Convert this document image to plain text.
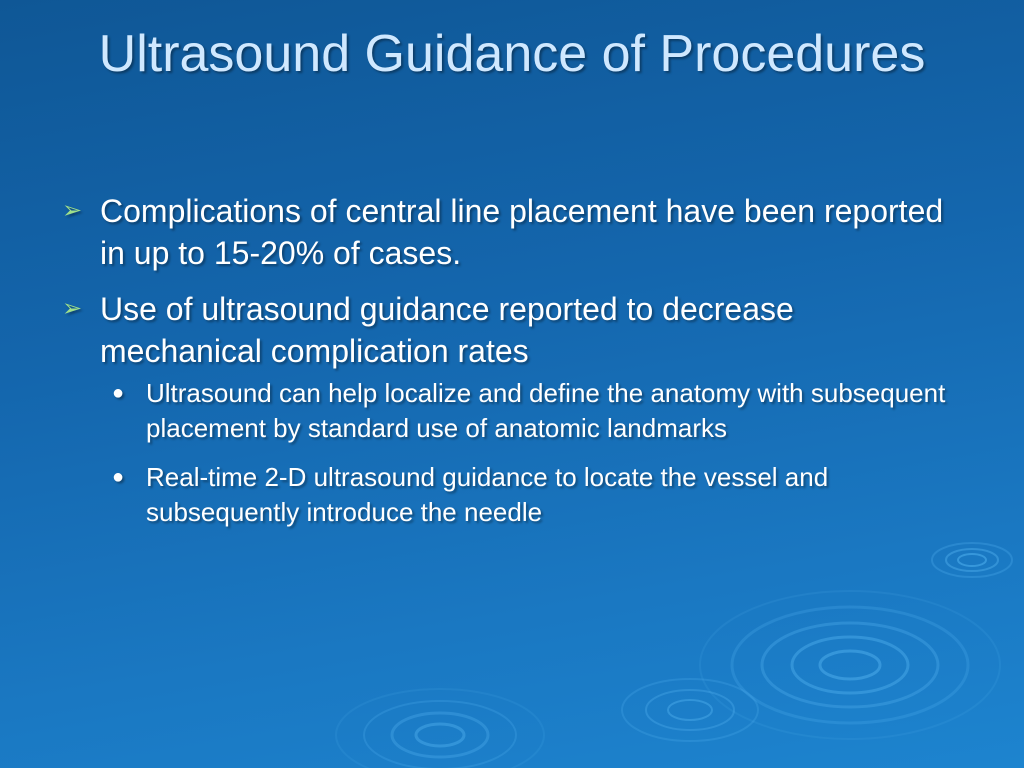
Ultrasound Guidance of Procedures
➢ Complications of central line placement have been reported in up to 15-20% of cases.
➢ Use of ultrasound guidance reported to decrease mechanical complication rates
● Ultrasound can help localize and define the anatomy with subsequent placement by standard use of anatomic landmarks
● Real-time 2-D ultrasound guidance to locate the vessel and subsequently introduce the needle
